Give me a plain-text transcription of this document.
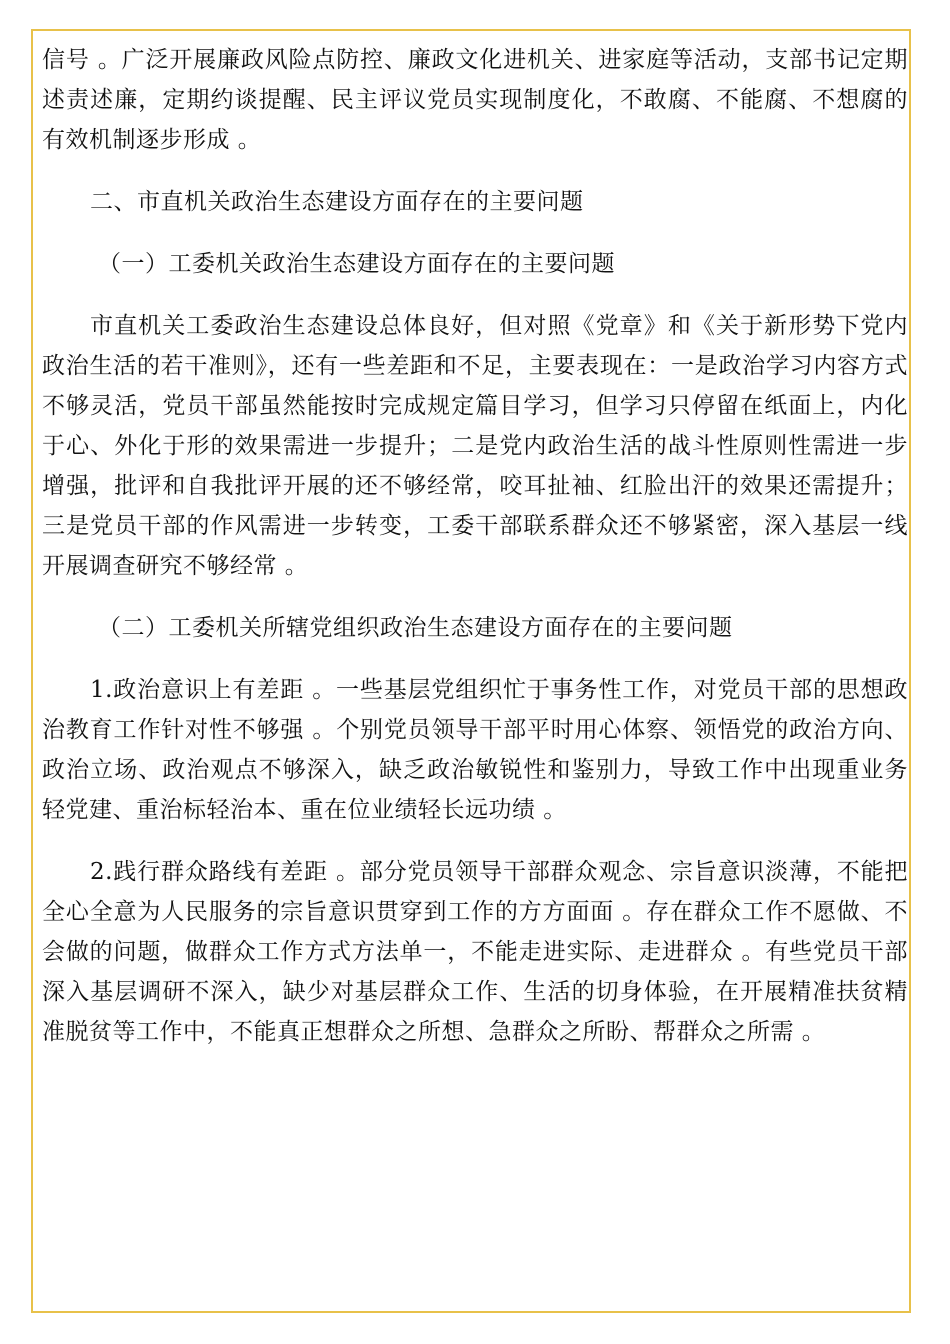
信号 。广泛开展廉政风险点防控、廉政文化进机关、进家庭等活动，支部书记定期述责述廉，定期约谈提醒、民主评议党员实现制度化，不敢腐、不能腐、不想腐的有效机制逐步形成 。

二、市直机关政治生态建设方面存在的主要问题

（一）工委机关政治生态建设方面存在的主要问题

市直机关工委政治生态建设总体良好，但对照《党章》和《关于新形势下党内政治生活的若干准则》，还有一些差距和不足，主要表现在：一是政治学习内容方式不够灵活，党员干部虽然能按时完成规定篇目学习，但学习只停留在纸面上，内化于心、外化于形的效果需进一步提升；二是党内政治生活的战斗性原则性需进一步增强，批评和自我批评开展的还不够经常，咬耳扯袖、红脸出汗的效果还需提升；三是党员干部的作风需进一步转变，工委干部联系群众还不够紧密，深入基层一线开展调查研究不够经常 。

（二）工委机关所辖党组织政治生态建设方面存在的主要问题

1.政治意识上有差距 。一些基层党组织忙于事务性工作，对党员干部的思想政治教育工作针对性不够强 。个别党员领导干部平时用心体察、领悟党的政治方向、政治立场、政治观点不够深入，缺乏政治敏锐性和鉴别力，导致工作中出现重业务轻党建、重治标轻治本、重在位业绩轻长远功绩 。

2.践行群众路线有差距 。部分党员领导干部群众观念、宗旨意识淡薄，不能把全心全意为人民服务的宗旨意识贯穿到工作的方方面面 。存在群众工作不愿做、不会做的问题，做群众工作方式方法单一，不能走进实际、走进群众 。有些党员干部深入基层调研不深入，缺少对基层群众工作、生活的切身体验，在开展精准扶贫精准脱贫等工作中，不能真正想群众之所想、急群众之所盼、帮群众之所需 。
